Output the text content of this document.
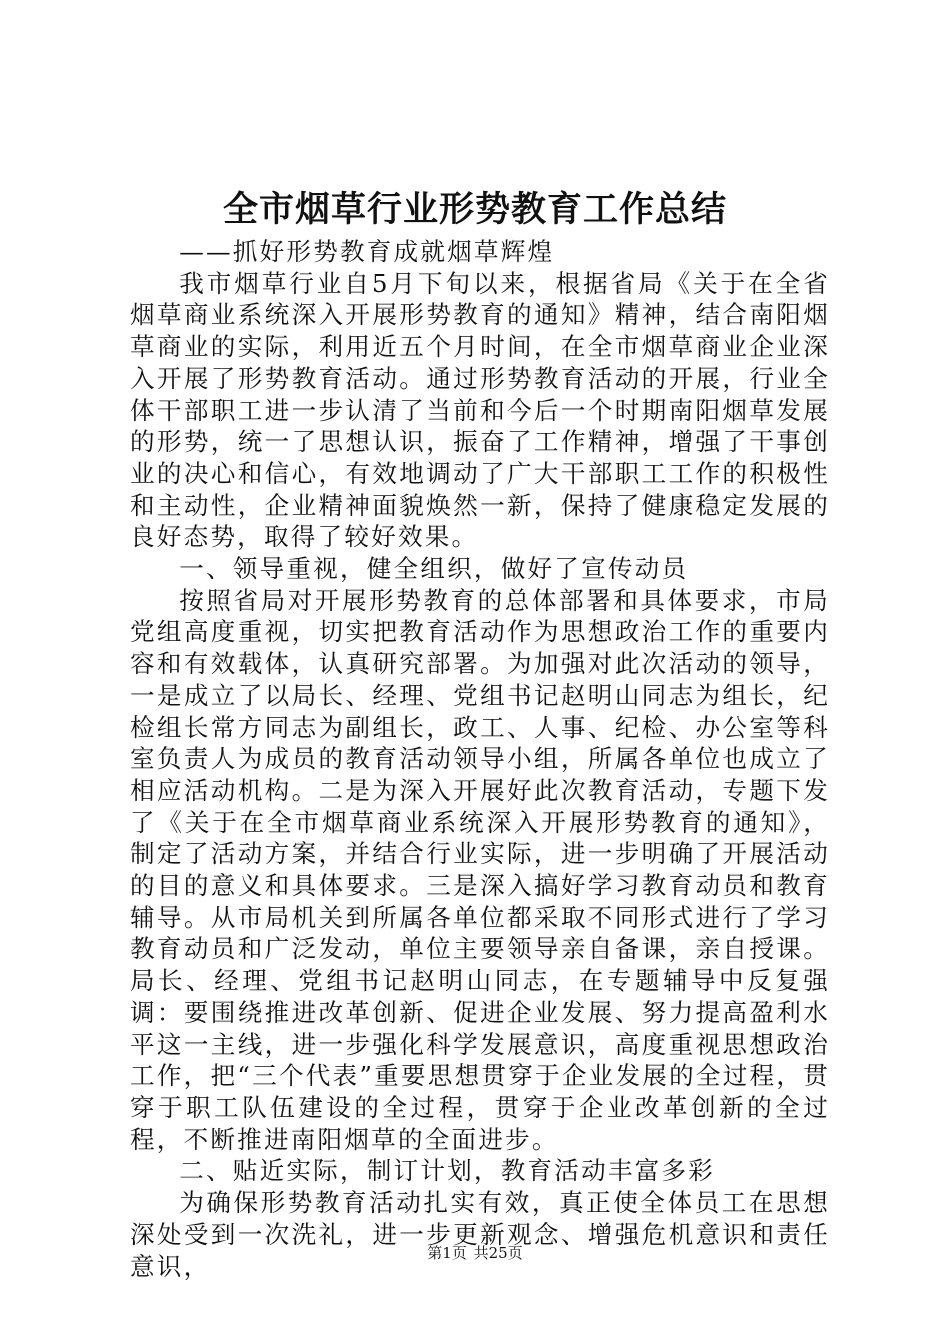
全市烟草行业形势教育工作总结

——抓好形势教育成就烟草辉煌

我市烟草行业自5月下旬以来，根据省局《关于在全省烟草商业系统深入开展形势教育的通知》精神，结合南阳烟草商业的实际，利用近五个月时间，在全市烟草商业企业深入开展了形势教育活动。通过形势教育活动的开展，行业全体干部职工进一步认清了当前和今后一个时期南阳烟草发展的形势，统一了思想认识，振奋了工作精神，增强了干事创业的决心和信心，有效地调动了广大干部职工工作的积极性和主动性，企业精神面貌焕然一新，保持了健康稳定发展的良好态势，取得了较好效果。

一、领导重视，健全组织，做好了宣传动员

按照省局对开展形势教育的总体部署和具体要求，市局党组高度重视，切实把教育活动作为思想政治工作的重要内容和有效载体，认真研究部署。为加强对此次活动的领导，一是成立了以局长、经理、党组书记赵明山同志为组长，纪检组长常方同志为副组长，政工、人事、纪检、办公室等科室负责人为成员的教育活动领导小组，所属各单位也成立了相应活动机构。二是为深入开展好此次教育活动，专题下发了《关于在全市烟草商业系统深入开展形势教育的通知》，制定了活动方案，并结合行业实际，进一步明确了开展活动的目的意义和具体要求。三是深入搞好学习教育动员和教育辅导。从市局机关到所属各单位都采取不同形式进行了学习教育动员和广泛发动，单位主要领导亲自备课，亲自授课。局长、经理、党组书记赵明山同志，在专题辅导中反复强调：要围绕推进改革创新、促进企业发展、努力提高盈利水平这一主线，进一步强化科学发展意识，高度重视思想政治工作，把“三个代表”重要思想贯穿于企业发展的全过程，贯穿于职工队伍建设的全过程，贯穿于企业改革创新的全过程，不断推进南阳烟草的全面进步。

二、贴近实际，制订计划，教育活动丰富多彩

为确保形势教育活动扎实有效，真正使全体员工在思想深处受到一次洗礼，进一步更新观念、增强危机意识和责任意识，	第1页 共25页
